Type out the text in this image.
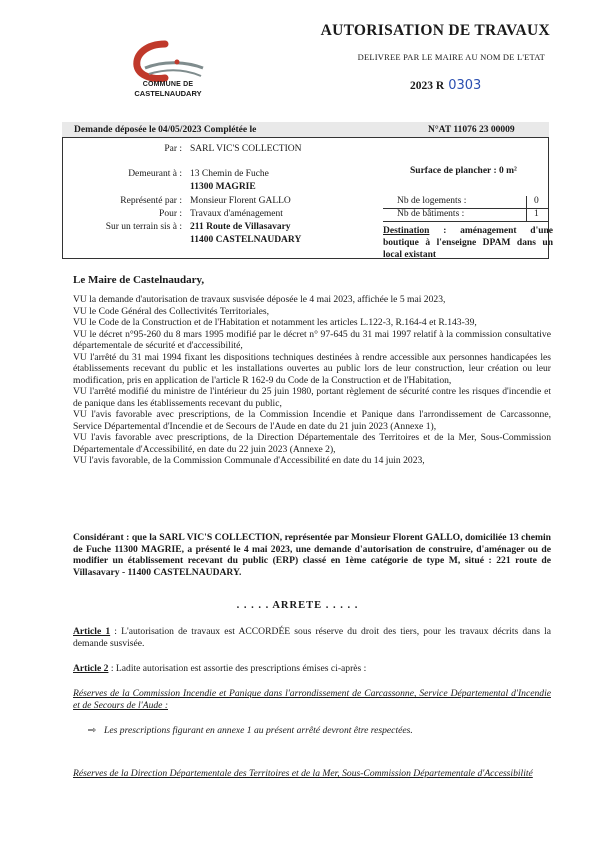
COMMUNE DE
CASTELNAUDARY
AUTORISATION DE TRAVAUX
DELIVREE PAR LE MAIRE AU NOM DE L'ETAT
2023 R 0303
Demande déposée le 04/05/2023 Complétée le	N°AT 11076 23 00009
Par : SARL VIC'S COLLECTION
Demeurant à : 13 Chemin de Fuche
11300 MAGRIE
Représenté par : Monsieur Florent GALLO
Pour : Travaux d'aménagement
Sur un terrain sis à : 211 Route de Villasavary
11400 CASTELNAUDARY
Surface de plancher : 0 m²
Nb de logements :	0
Nb de bâtiments :	1
Destination : aménagement d'une boutique à l'enseigne DPAM dans un local existant
Le Maire de Castelnaudary,

VU la demande d'autorisation de travaux susvisée déposée le 4 mai 2023, affichée le 5 mai 2023,

VU le Code Général des Collectivités Territoriales,

VU le Code de la Construction et de l'Habitation et notamment les articles L.122-3, R.164-4 et R.143-39,

VU le décret n°95-260 du 8 mars 1995 modifié par le décret n° 97-645 du 31 mai 1997 relatif à la commission consultative départementale de sécurité et d'accessibilité,

VU l'arrêté du 31 mai 1994 fixant les dispositions techniques destinées à rendre accessible aux personnes handicapées les établissements recevant du public et les installations ouvertes au public lors de leur construction, leur création ou leur modification, pris en application de l'article R 162-9 du Code de la Construction et de l'Habitation,

VU l'arrêté modifié du ministre de l'intérieur du 25 juin 1980, portant règlement de sécurité contre les risques d'incendie et de panique dans les établissements recevant du public,

VU l'avis favorable avec prescriptions, de la Commission Incendie et Panique dans l'arrondissement de Carcassonne, Service Départemental d'Incendie et de Secours de l'Aude en date du 21 juin 2023 (Annexe 1),

VU l'avis favorable avec prescriptions, de la Direction Départementale des Territoires et de la Mer, Sous-Commission Départementale d'Accessibilité, en date du 22 juin 2023 (Annexe 2),

VU l'avis favorable, de la Commission Communale d'Accessibilité en date du 14 juin 2023,

Considérant : que la SARL VIC'S COLLECTION, représentée par Monsieur Florent GALLO, domiciliée 13 chemin de Fuche 11300 MAGRIE, a présenté le 4 mai 2023, une demande d'autorisation de construire, d'aménager ou de modifier un établissement recevant du public (ERP) classé en 1ème catégorie de type M, situé : 221 route de Villasavary - 11400 CASTELNAUDARY.
. . . . . ARRETE . . . . .
Article 1 : L'autorisation de travaux est ACCORDÉE sous réserve du droit des tiers, pour les travaux décrits dans la demande susvisée.
Article 2 : Ladite autorisation est assortie des prescriptions émises ci-après :
Réserves de la Commission Incendie et Panique dans l'arrondissement de Carcassonne, Service Départemental d'Incendie et de Secours de l'Aude :
⇨ Les prescriptions figurant en annexe 1 au présent arrêté devront être respectées.
Réserves de la Direction Départementale des Territoires et de la Mer, Sous-Commission Départementale d'Accessibilité
